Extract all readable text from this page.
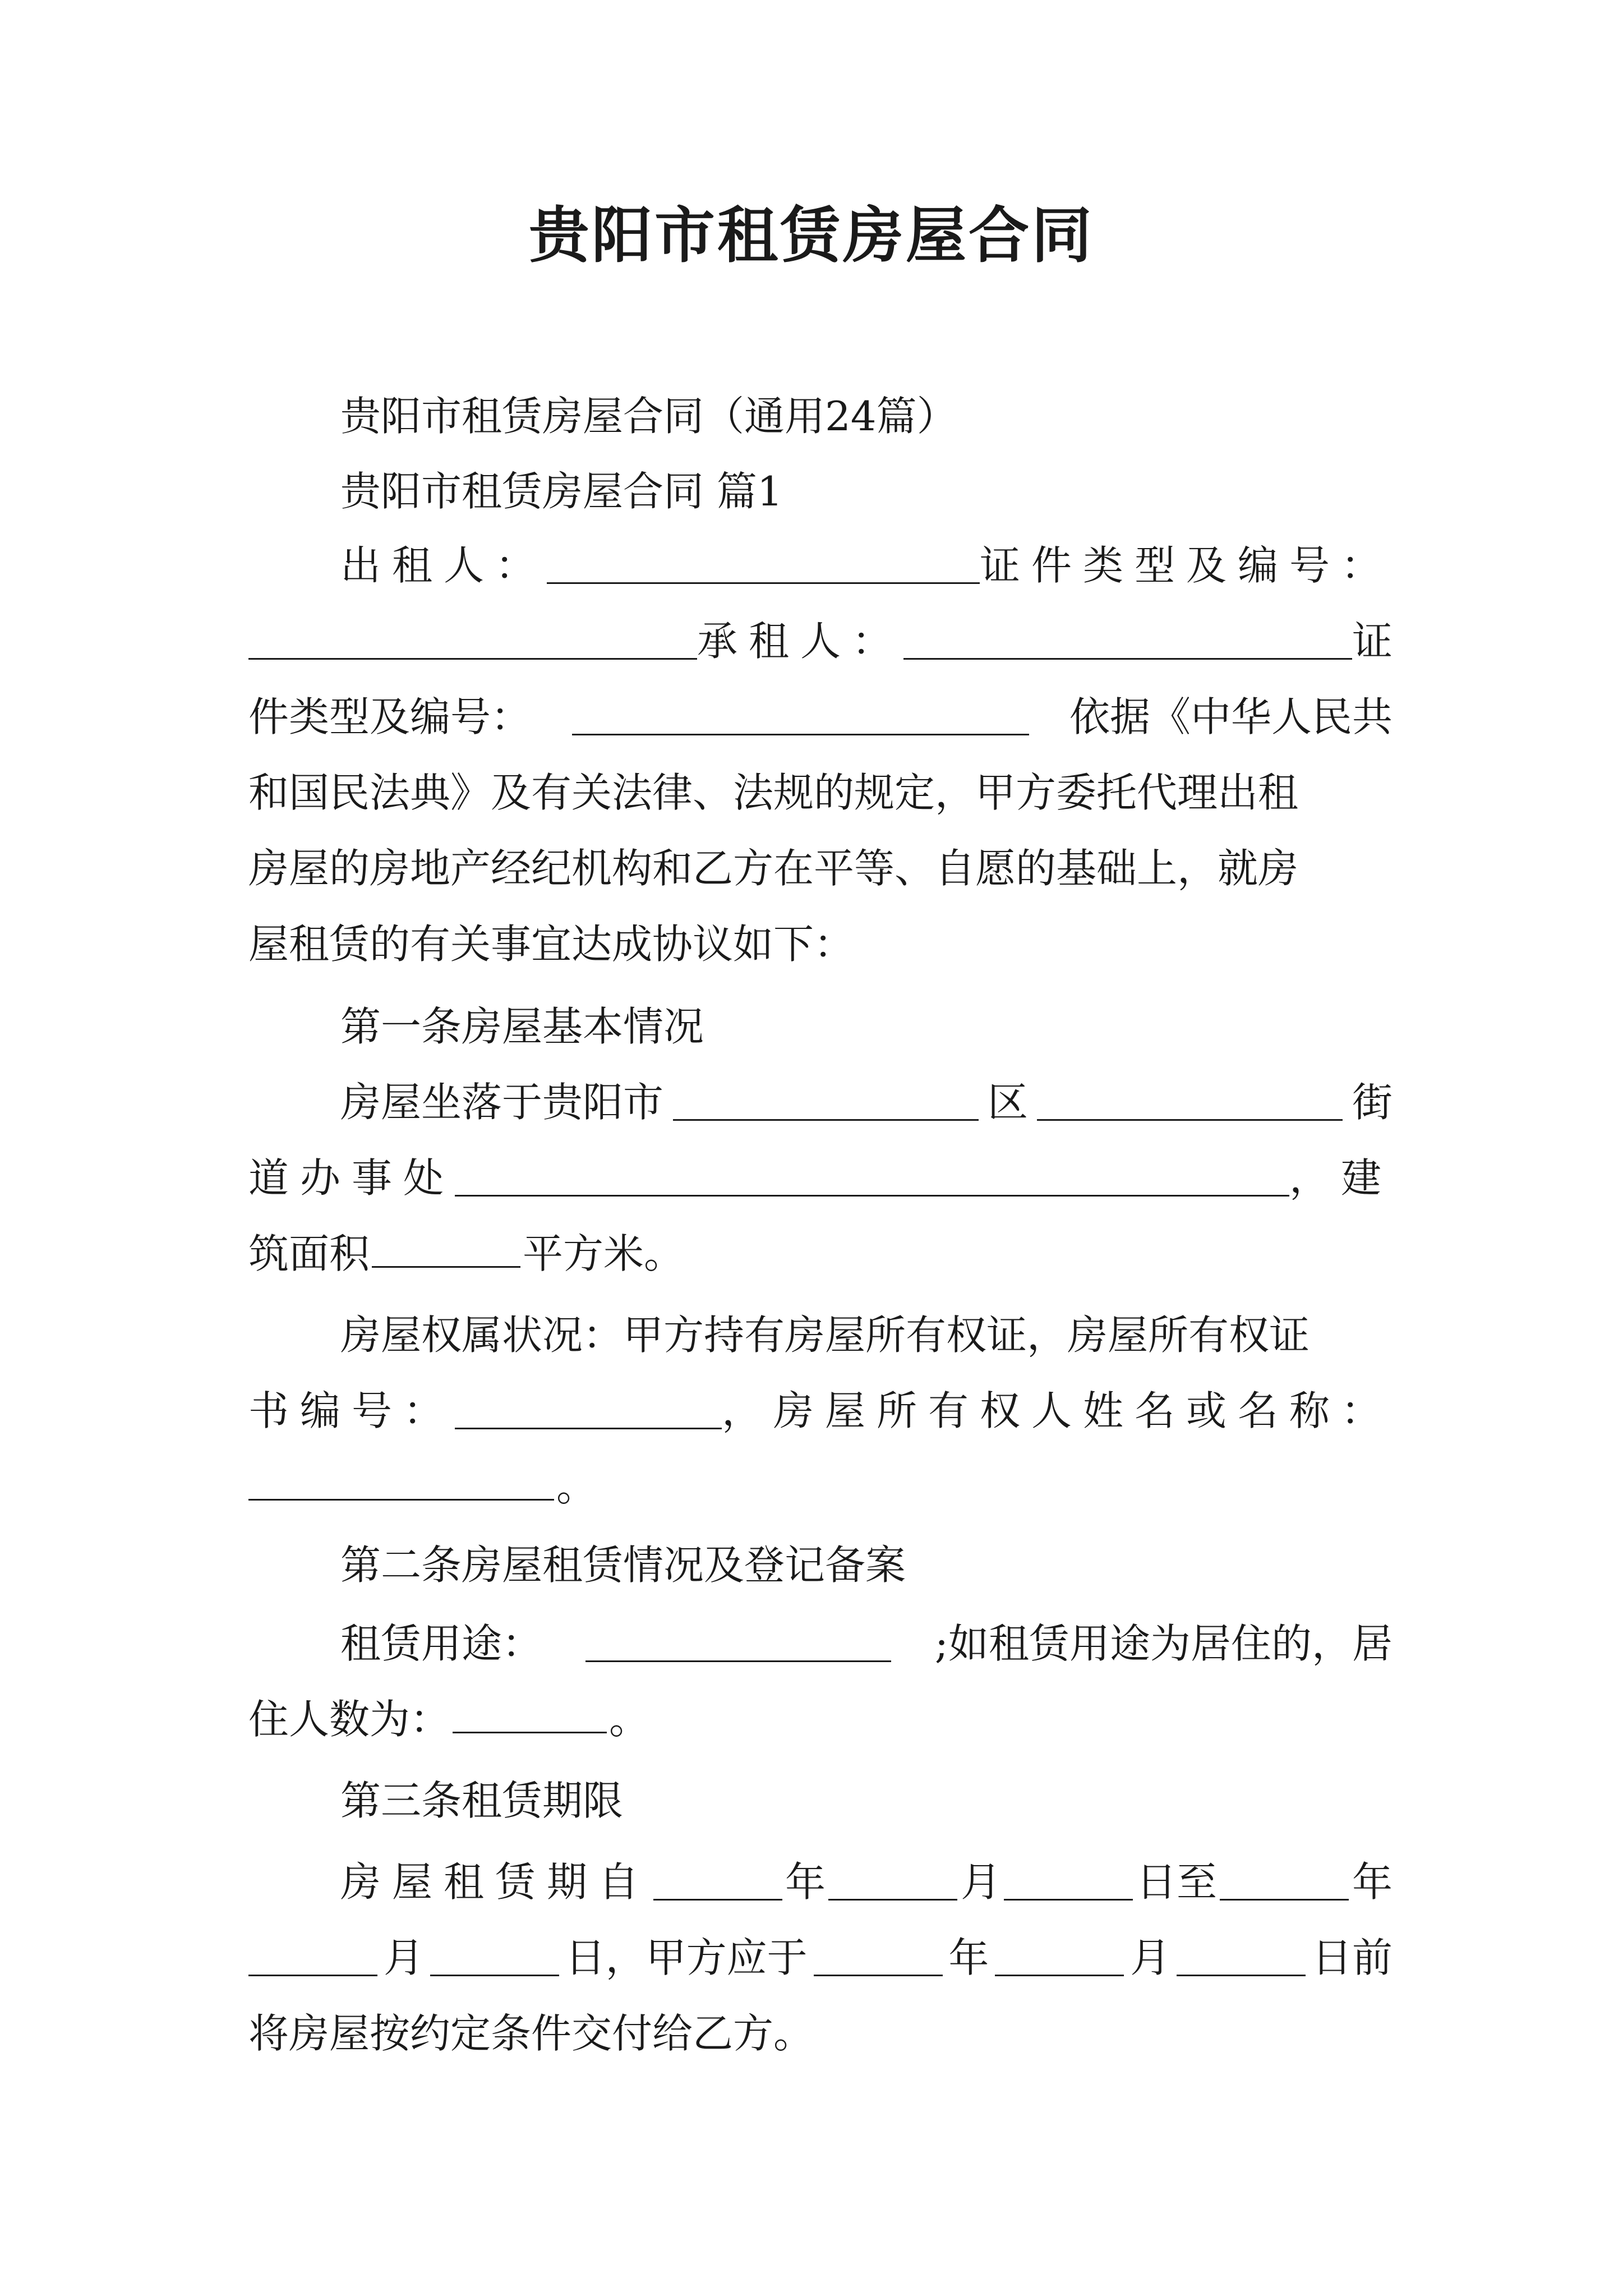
贵阳市租赁房屋合同
贵阳市租赁房屋合同（通用24篇）
贵阳市租赁房屋合同 篇1
出租人：	证件类型及编号：
承租人：	证
件类型及编号：	依据《中华人民共
和国民法典》及有关法律、法规的规定，甲方委托代理出租
房屋的房地产经纪机构和乙方在平等、自愿的基础上，就房
屋租赁的有关事宜达成协议如下：
第一条房屋基本情况
房屋坐落于贵阳市	区	街
道办事处	，建
筑面积	平方米。
房屋权属状况：甲方持有房屋所有权证，房屋所有权证
书编号：	，房屋所有权人姓名或名称：
。
第二条房屋租赁情况及登记备案
租赁用途：	;如租赁用途为居住的，居
住人数为：	。
第三条租赁期限
房屋租赁期自	年	月	日至	年
月	日，甲方应于	年	月	日前
将房屋按约定条件交付给乙方。
